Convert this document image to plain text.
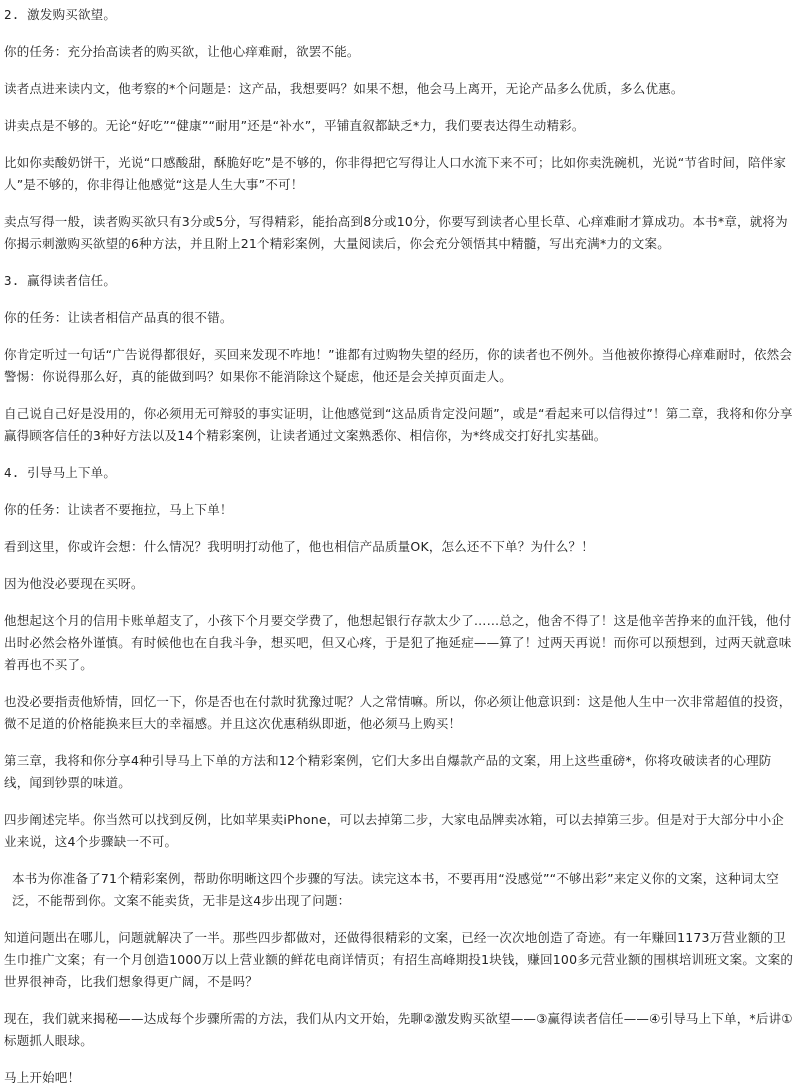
2. 激发购买欲望。

你的任务：充分抬高读者的购买欲，让他心痒难耐，欲罢不能。

读者点进来读内文，他考察的*个问题是：这产品，我想要吗？如果不想，他会马上离开，无论产品多么优质，多么优惠。

讲卖点是不够的。无论“好吃”“健康”“耐用”还是“补水”，平铺直叙都缺乏*力，我们要表达得生动精彩。

比如你卖酸奶饼干，光说“口感酸甜，酥脆好吃”是不够的，你非得把它写得让人口水流下来不可；比如你卖洗碗机，光说“节省时间，陪伴家人”是不够的，你非得让他感觉“这是人生大事”不可！

卖点写得一般，读者购买欲只有3分或5分，写得精彩，能抬高到8分或10分，你要写到读者心里长草、心痒难耐才算成功。本书*章，就将为你揭示刺激购买欲望的6种方法，并且附上21个精彩案例，大量阅读后，你会充分领悟其中精髓，写出充满*力的文案。

3. 赢得读者信任。

你的任务：让读者相信产品真的很不错。

你肯定听过一句话“广告说得都很好，买回来发现不咋地！”谁都有过购物失望的经历，你的读者也不例外。当他被你撩得心痒难耐时，依然会警惕：你说得那么好，真的能做到吗？如果你不能消除这个疑虑，他还是会关掉页面走人。

自己说自己好是没用的，你必须用无可辩驳的事实证明，让他感觉到“这品质肯定没问题”，或是“看起来可以信得过”！第二章，我将和你分享赢得顾客信任的3种好方法以及14个精彩案例，让读者通过文案熟悉你、相信你，为*终成交打好扎实基础。

4. 引导马上下单。

你的任务：让读者不要拖拉，马上下单！

看到这里，你或许会想：什么情况？我明明打动他了，他也相信产品质量OK，怎么还不下单？为什么？！

因为他没必要现在买呀。

他想起这个月的信用卡账单超支了，小孩下个月要交学费了，他想起银行存款太少了……总之，他舍不得了！这是他辛苦挣来的血汗钱，他付出时必然会格外谨慎。有时候他也在自我斗争，想买吧，但又心疼，于是犯了拖延症——算了！过两天再说！而你可以预想到，过两天就意味着再也不买了。

也没必要指责他矫情，回忆一下，你是否也在付款时犹豫过呢？人之常情嘛。所以，你必须让他意识到：这是他人生中一次非常超值的投资，微不足道的价格能换来巨大的幸福感。并且这次优惠稍纵即逝，他必须马上购买！

第三章，我将和你分享4种引导马上下单的方法和12个精彩案例，它们大多出自爆款产品的文案，用上这些重磅*，你将攻破读者的心理防线，闻到钞票的味道。

四步阐述完毕。你当然可以找到反例，比如苹果卖iPhone，可以去掉第二步，大家电品牌卖冰箱，可以去掉第三步。但是对于大部分中小企业来说，这4个步骤缺一不可。

本书为你准备了71个精彩案例，帮助你明晰这四个步骤的写法。读完这本书，不要再用“没感觉”“不够出彩”来定义你的文案，这种词太空泛，不能帮到你。文案不能卖货，无非是这4步出现了问题：

知道问题出在哪儿，问题就解决了一半。那些四步都做对，还做得很精彩的文案，已经一次次地创造了奇迹。有一年赚回1173万营业额的卫生巾推广文案；有一个月创造1000万以上营业额的鲜花电商详情页；有招生高峰期投1块钱，赚回100多元营业额的围棋培训班文案。文案的世界很神奇，比我们想象得更广阔，不是吗？

现在，我们就来揭秘——达成每个步骤所需的方法，我们从内文开始，先聊②激发购买欲望——③赢得读者信任——④引导马上下单，*后讲①标题抓人眼球。

马上开始吧！
